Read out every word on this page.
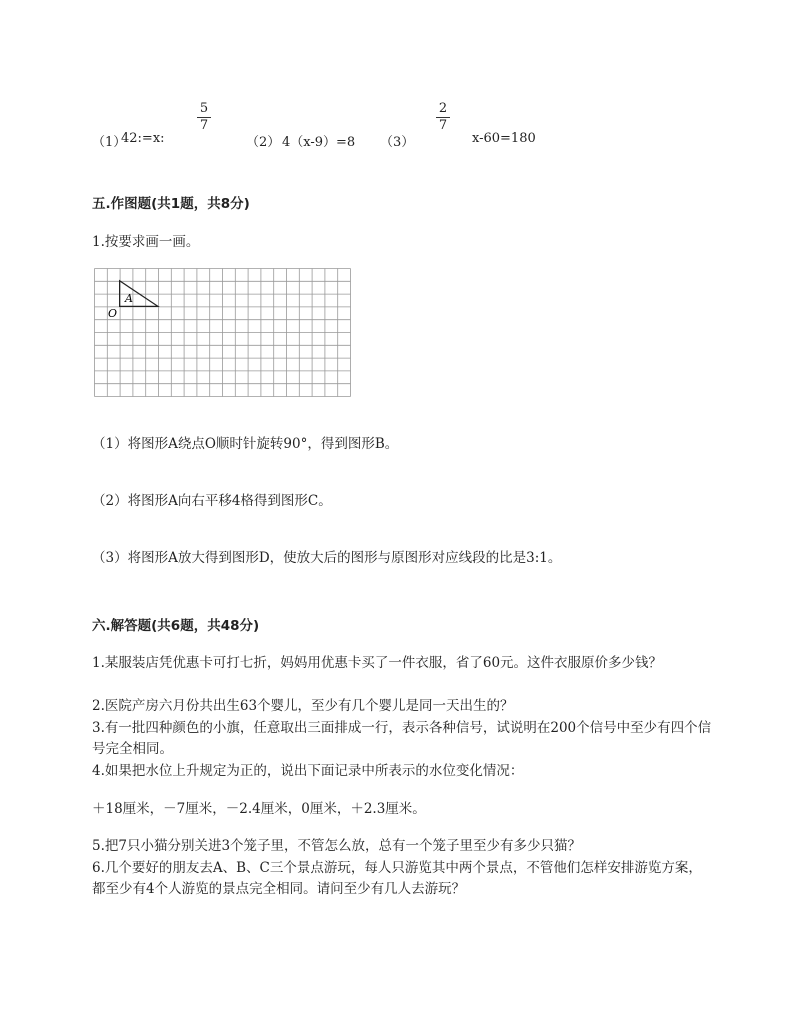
（1）
42:=x:
5
7
（2） 4（x-9）=8 （3）
2
7
x-60=180
五.作图题(共1题，共8分)
1.按要求画一画。
A
O
（1）将图形A绕点O顺时针旋转90°，得到图形B。
（2）将图形A向右平移4格得到图形C。
（3）将图形A放大得到图形D，使放大后的图形与原图形对应线段的比是3:1。
六.解答题(共6题，共48分)
1.某服装店凭优惠卡可打七折，妈妈用优惠卡买了一件衣服，省了60元。这件衣服原价多少钱？
2.医院产房六月份共出生63个婴儿，至少有几个婴儿是同一天出生的？
3.有一批四种颜色的小旗，任意取出三面排成一行，表示各种信号，试说明在200个信号中至少有四个信号完全相同。
4.如果把水位上升规定为正的，说出下面记录中所表示的水位变化情况：
＋18厘米，－7厘米，－2.4厘米，0厘米，＋2.3厘米。
5.把7只小猫分别关进3个笼子里，不管怎么放，总有一个笼子里至少有多少只猫？
6.几个要好的朋友去A、B、C三个景点游玩，每人只游览其中两个景点，不管他们怎样安排游览方案，都至少有4个人游览的景点完全相同。请问至少有几人去游玩？
